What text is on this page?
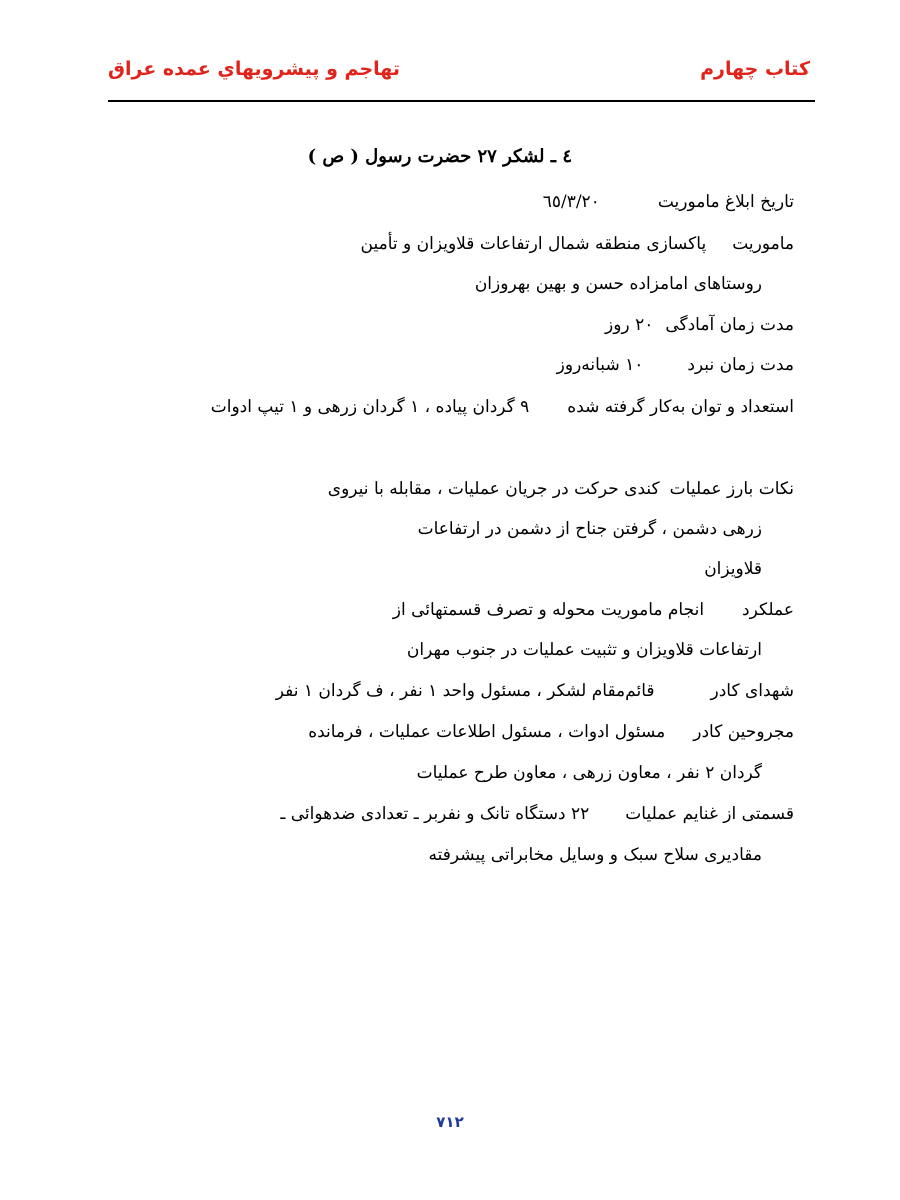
كتاب چهارم
تهاجم و پيشرويهاي عمده عراق
٤ ـ لشکر ٢٧ حضرت رسول ( ص )
تاریخ ابلاغ ماموریت٦٥/٣/٢٠
ماموریتپاکسازی منطقه شمال ارتفاعات قلاویزان و تأمین
روستاهای امامزاده حسن و بهین بهروزان
مدت زمان آمادگی٢٠ روز
مدت زمان نبرد١٠ شبانه‌روز
استعداد و توان به‌کار گرفته شده٩ گردان پیاده ، ١ گردان زرهی و ١ تیپ ادوات
نکات بارز عملیاتکندی حرکت در جریان عملیات ، مقابله با نیروی
زرهی دشمن ، گرفتن جناح از دشمن در ارتفاعات
قلاویزان
عملکردانجام ماموریت محوله و تصرف قسمتهائی از
ارتفاعات قلاویزان و تثبیت عملیات در جنوب مهران
شهدای کادرقائم‌مقام لشکر ، مسئول واحد ١ نفر ، ف گردان ١ نفر
مجروحین کادرمسئول ادوات ، مسئول اطلاعات عملیات ، فرمانده
گردان ٢ نفر ، معاون زرهی ، معاون طرح عملیات
قسمتی از غنایم عملیات٢٢ دستگاه تانک و نفربر ـ تعدادی ضدهوائی ـ
مقادیری سلاح سبک و وسایل مخابراتی پیشرفته
٧١٢
